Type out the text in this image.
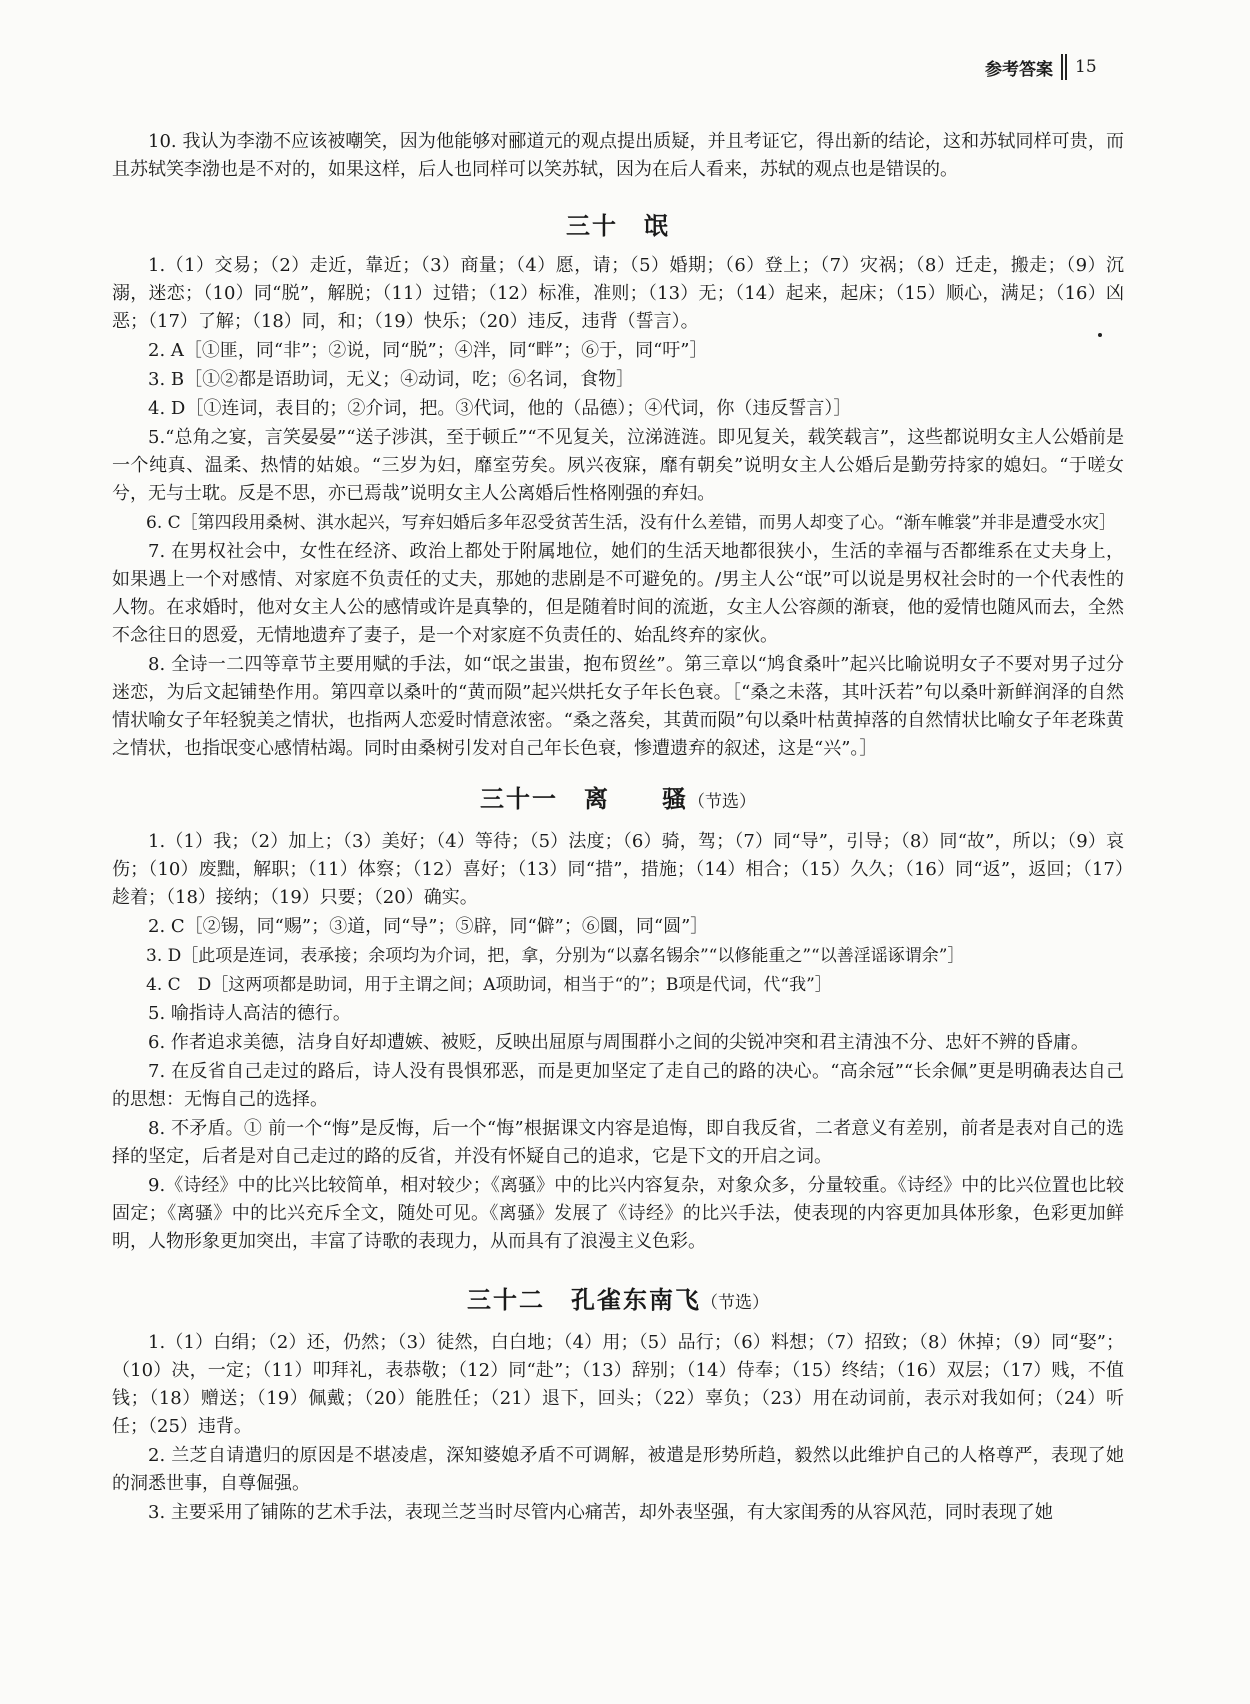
参考答案 15

10. 我认为李渤不应该被嘲笑，因为他能够对郦道元的观点提出质疑，并且考证它，得出新的结论，这和苏轼同样可贵，而且苏轼笑李渤也是不对的，如果这样，后人也同样可以笑苏轼，因为在后人看来，苏轼的观点也是错误的。

三十　氓

1.（1）交易；（2）走近，靠近；（3）商量；（4）愿，请；（5）婚期；（6）登上；（7）灾祸；（8）迁走，搬走；（9）沉溺，迷恋；（10）同“脱”，解脱；（11）过错；（12）标准，准则；（13）无；（14）起来，起床；（15）顺心，满足；（16）凶恶；（17）了解；（18）同，和；（19）快乐；（20）违反，违背（誓言）。

2. A［①匪，同“非”；②说，同“脱”；④泮，同“畔”；⑥于，同“吁”］

3. B［①②都是语助词，无义；④动词，吃；⑥名词，食物］

4. D［①连词，表目的；②介词，把。③代词，他的（品德）；④代词，你（违反誓言）］

5.“总角之宴，言笑晏晏”“送子涉淇，至于顿丘”“不见复关，泣涕涟涟。即见复关，载笑载言”，这些都说明女主人公婚前是一个纯真、温柔、热情的姑娘。“三岁为妇，靡室劳矣。夙兴夜寐，靡有朝矣”说明女主人公婚后是勤劳持家的媳妇。“于嗟女兮，无与士耽。反是不思，亦已焉哉”说明女主人公离婚后性格刚强的弃妇。

6. C［第四段用桑树、淇水起兴，写弃妇婚后多年忍受贫苦生活，没有什么差错，而男人却变了心。“渐车帷裳”并非是遭受水灾］

7. 在男权社会中，女性在经济、政治上都处于附属地位，她们的生活天地都很狭小，生活的幸福与否都维系在丈夫身上，如果遇上一个对感情、对家庭不负责任的丈夫，那她的悲剧是不可避免的。/男主人公“氓”可以说是男权社会时的一个代表性的人物。在求婚时，他对女主人公的感情或许是真挚的，但是随着时间的流逝，女主人公容颜的渐衰，他的爱情也随风而去，全然不念往日的恩爱，无情地遗弃了妻子，是一个对家庭不负责任的、始乱终弃的家伙。

8. 全诗一二四等章节主要用赋的手法，如“氓之蚩蚩，抱布贸丝”。第三章以“鸠食桑叶”起兴比喻说明女子不要对男子过分迷恋，为后文起铺垫作用。第四章以桑叶的“黄而陨”起兴烘托女子年长色衰。［“桑之未落，其叶沃若”句以桑叶新鲜润泽的自然情状喻女子年轻貌美之情状，也指两人恋爱时情意浓密。“桑之落矣，其黄而陨”句以桑叶枯黄掉落的自然情状比喻女子年老珠黄之情状，也指氓变心感情枯竭。同时由桑树引发对自己年长色衰，惨遭遗弃的叙述，这是“兴”。］

三十一　离　　骚（节选）

1.（1）我；（2）加上；（3）美好；（4）等待；（5）法度；（6）骑，驾；（7）同“导”，引导；（8）同“故”，所以；（9）哀伤；（10）废黜，解职；（11）体察；（12）喜好；（13）同“措”，措施；（14）相合；（15）久久；（16）同“返”，返回；（17）趁着；（18）接纳；（19）只要；（20）确实。

2. C［②锡，同“赐”；③道，同“导”；⑤辟，同“僻”；⑥圜，同“圆”］

3. D［此项是连词，表承接；余项均为介词，把，拿，分别为“以嘉名锡余”“以修能重之”“以善淫谣诼谓余”］

4. C　D［这两项都是助词，用于主谓之间；A项助词，相当于“的”；B项是代词，代“我”］

5. 喻指诗人高洁的德行。

6. 作者追求美德，洁身自好却遭嫉、被贬，反映出屈原与周围群小之间的尖锐冲突和君主清浊不分、忠奸不辨的昏庸。

7. 在反省自己走过的路后，诗人没有畏惧邪恶，而是更加坚定了走自己的路的决心。“高余冠”“长余佩”更是明确表达自己的思想：无悔自己的选择。

8. 不矛盾。① 前一个“悔”是反悔，后一个“悔”根据课文内容是追悔，即自我反省，二者意义有差别，前者是表对自己的选择的坚定，后者是对自己走过的路的反省，并没有怀疑自己的追求，它是下文的开启之词。

9.《诗经》中的比兴比较简单，相对较少；《离骚》中的比兴内容复杂，对象众多，分量较重。《诗经》中的比兴位置也比较固定；《离骚》中的比兴充斥全文，随处可见。《离骚》发展了《诗经》的比兴手法，使表现的内容更加具体形象，色彩更加鲜明，人物形象更加突出，丰富了诗歌的表现力，从而具有了浪漫主义色彩。

三十二　孔雀东南飞（节选）

1.（1）白绢；（2）还，仍然；（3）徒然，白白地；（4）用；（5）品行；（6）料想；（7）招致；（8）休掉；（9）同“娶”；（10）决，一定；（11）叩拜礼，表恭敬；（12）同“赴”；（13）辞别；（14）侍奉；（15）终结；（16）双层；（17）贱，不值钱；（18）赠送；（19）佩戴；（20）能胜任；（21）退下，回头；（22）辜负；（23）用在动词前，表示对我如何；（24）听任；（25）违背。

2. 兰芝自请遣归的原因是不堪凌虐，深知婆媳矛盾不可调解，被遣是形势所趋，毅然以此维护自己的人格尊严，表现了她的洞悉世事，自尊倔强。

3. 主要采用了铺陈的艺术手法，表现兰芝当时尽管内心痛苦，却外表坚强，有大家闺秀的从容风范，同时表现了她
